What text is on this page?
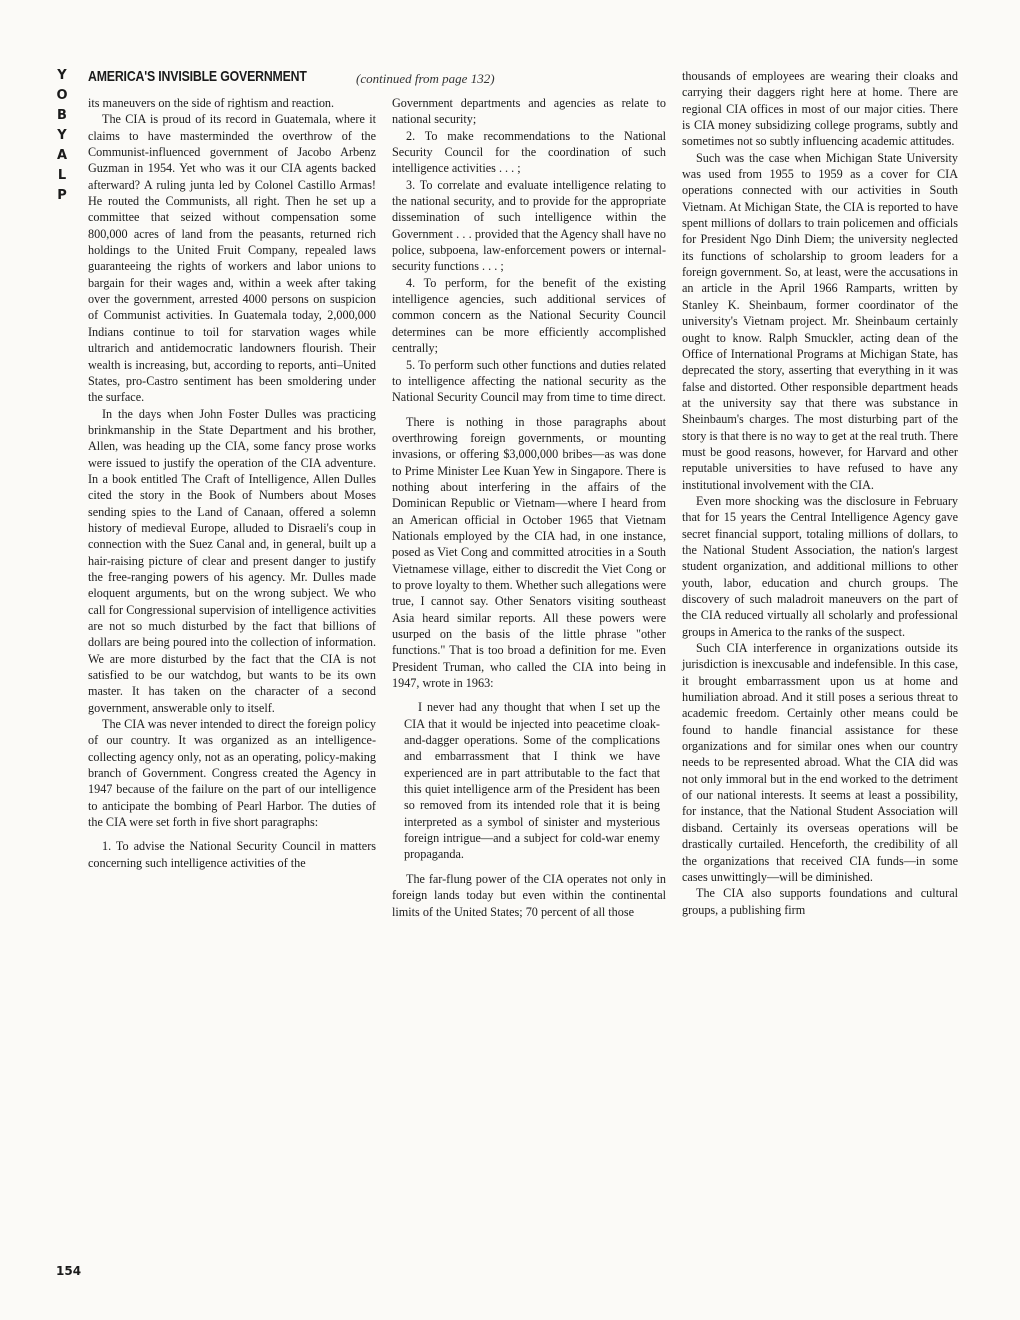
Y
O
B
Y
A
L
P
AMERICA'S INVISIBLE GOVERNMENT	(continued from page 132)

its maneuvers on the side of rightism and reaction.

The CIA is proud of its record in Guatemala, where it claims to have masterminded the overthrow of the Communist-influenced government of Jacobo Arbenz Guzman in 1954. Yet who was it our CIA agents backed afterward? A ruling junta led by Colonel Castillo Armas! He routed the Communists, all right. Then he set up a committee that seized without compensation some 800,000 acres of land from the peasants, returned rich holdings to the United Fruit Company, repealed laws guaranteeing the rights of workers and labor unions to bargain for their wages and, within a week after taking over the government, arrested 4000 persons on suspicion of Communist activities. In Guatemala today, 2,000,000 Indians continue to toil for starvation wages while ultrarich and antidemocratic landowners flourish. Their wealth is increasing, but, according to reports, anti–United States, pro-Castro sentiment has been smoldering under the surface.

In the days when John Foster Dulles was practicing brinkmanship in the State Department and his brother, Allen, was heading up the CIA, some fancy prose works were issued to justify the operation of the CIA adventure. In a book entitled The Craft of Intelligence, Allen Dulles cited the story in the Book of Numbers about Moses sending spies to the Land of Canaan, offered a solemn history of medieval Europe, alluded to Disraeli's coup in connection with the Suez Canal and, in general, built up a hair-raising picture of clear and present danger to justify the free-ranging powers of his agency. Mr. Dulles made eloquent arguments, but on the wrong subject. We who call for Congressional supervision of intelligence activities are not so much disturbed by the fact that billions of dollars are being poured into the collection of information. We are more disturbed by the fact that the CIA is not satisfied to be our watchdog, but wants to be its own master. It has taken on the character of a second government, answerable only to itself.

The CIA was never intended to direct the foreign policy of our country. It was organized as an intelligence-collecting agency only, not as an operating, policy-making branch of Government. Congress created the Agency in 1947 because of the failure on the part of our intelligence to anticipate the bombing of Pearl Harbor. The duties of the CIA were set forth in five short paragraphs:

1. To advise the National Security Council in matters concerning such intelligence activities of the

Government departments and agencies as relate to national security;

2. To make recommendations to the National Security Council for the coordination of such intelligence activities . . . ;

3. To correlate and evaluate intelligence relating to the national security, and to provide for the appropriate dissemination of such intelligence within the Government . . . provided that the Agency shall have no police, subpoena, law-enforcement powers or internal-security functions . . . ;

4. To perform, for the benefit of the existing intelligence agencies, such additional services of common concern as the National Security Council determines can be more efficiently accomplished centrally;

5. To perform such other functions and duties related to intelligence affecting the national security as the National Security Council may from time to time direct.

There is nothing in those paragraphs about overthrowing foreign governments, or mounting invasions, or offering $3,000,000 bribes—as was done to Prime Minister Lee Kuan Yew in Singapore. There is nothing about interfering in the affairs of the Dominican Republic or Vietnam—where I heard from an American official in October 1965 that Vietnam Nationals employed by the CIA had, in one instance, posed as Viet Cong and committed atrocities in a South Vietnamese village, either to discredit the Viet Cong or to prove loyalty to them. Whether such allegations were true, I cannot say. Other Senators visiting southeast Asia heard similar reports. All these powers were usurped on the basis of the little phrase "other functions." That is too broad a definition for me. Even President Truman, who called the CIA into being in 1947, wrote in 1963:

I never had any thought that when I set up the CIA that it would be injected into peacetime cloak-and-dagger operations. Some of the complications and embarrassment that I think we have experienced are in part attributable to the fact that this quiet intelligence arm of the President has been so removed from its intended role that it is being interpreted as a symbol of sinister and mysterious foreign intrigue—and a subject for cold-war enemy propaganda.

The far-flung power of the CIA operates not only in foreign lands today but even within the continental limits of the United States; 70 percent of all those

thousands of employees are wearing their cloaks and carrying their daggers right here at home. There are regional CIA offices in most of our major cities. There is CIA money subsidizing college programs, subtly and sometimes not so subtly influencing academic attitudes.

Such was the case when Michigan State University was used from 1955 to 1959 as a cover for CIA operations connected with our activities in South Vietnam. At Michigan State, the CIA is reported to have spent millions of dollars to train policemen and officials for President Ngo Dinh Diem; the university neglected its functions of scholarship to groom leaders for a foreign government. So, at least, were the accusations in an article in the April 1966 Ramparts, written by Stanley K. Sheinbaum, former coordinator of the university's Vietnam project. Mr. Sheinbaum certainly ought to know. Ralph Smuckler, acting dean of the Office of International Programs at Michigan State, has deprecated the story, asserting that everything in it was false and distorted. Other responsible department heads at the university say that there was substance in Sheinbaum's charges. The most disturbing part of the story is that there is no way to get at the real truth. There must be good reasons, however, for Harvard and other reputable universities to have refused to have any institutional involvement with the CIA.

Even more shocking was the disclosure in February that for 15 years the Central Intelligence Agency gave secret financial support, totaling millions of dollars, to the National Student Association, the nation's largest student organization, and additional millions to other youth, labor, education and church groups. The discovery of such maladroit maneuvers on the part of the CIA reduced virtually all scholarly and professional groups in America to the ranks of the suspect.

Such CIA interference in organizations outside its jurisdiction is inexcusable and indefensible. In this case, it brought embarrassment upon us at home and humiliation abroad. And it still poses a serious threat to academic freedom. Certainly other means could be found to handle financial assistance for these organizations and for similar ones when our country needs to be represented abroad. What the CIA did was not only immoral but in the end worked to the detriment of our national interests. It seems at least a possibility, for instance, that the National Student Association will disband. Certainly its overseas operations will be drastically curtailed. Henceforth, the credibility of all the organizations that received CIA funds—in some cases unwittingly—will be diminished.

The CIA also supports foundations and cultural groups, a publishing firm

154
